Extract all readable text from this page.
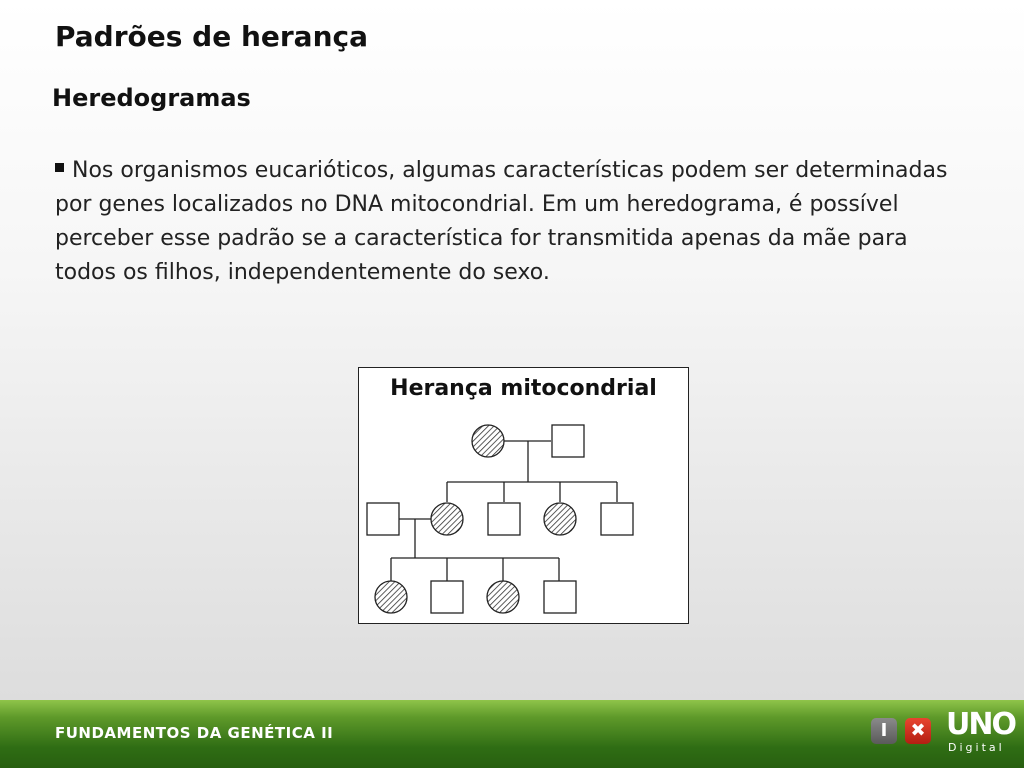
Padrões de herança
Heredogramas

Nos organismos eucarióticos, algumas características podem ser determinadas por genes localizados no DNA mitocondrial. Em um heredograma, é possível perceber esse padrão se a característica for transmitida apenas da mãe para todos os filhos, independentemente do sexo.

Herança mitocondrial
FUNDAMENTOS DA GENÉTICA II	I	✖ UNO
Digital
